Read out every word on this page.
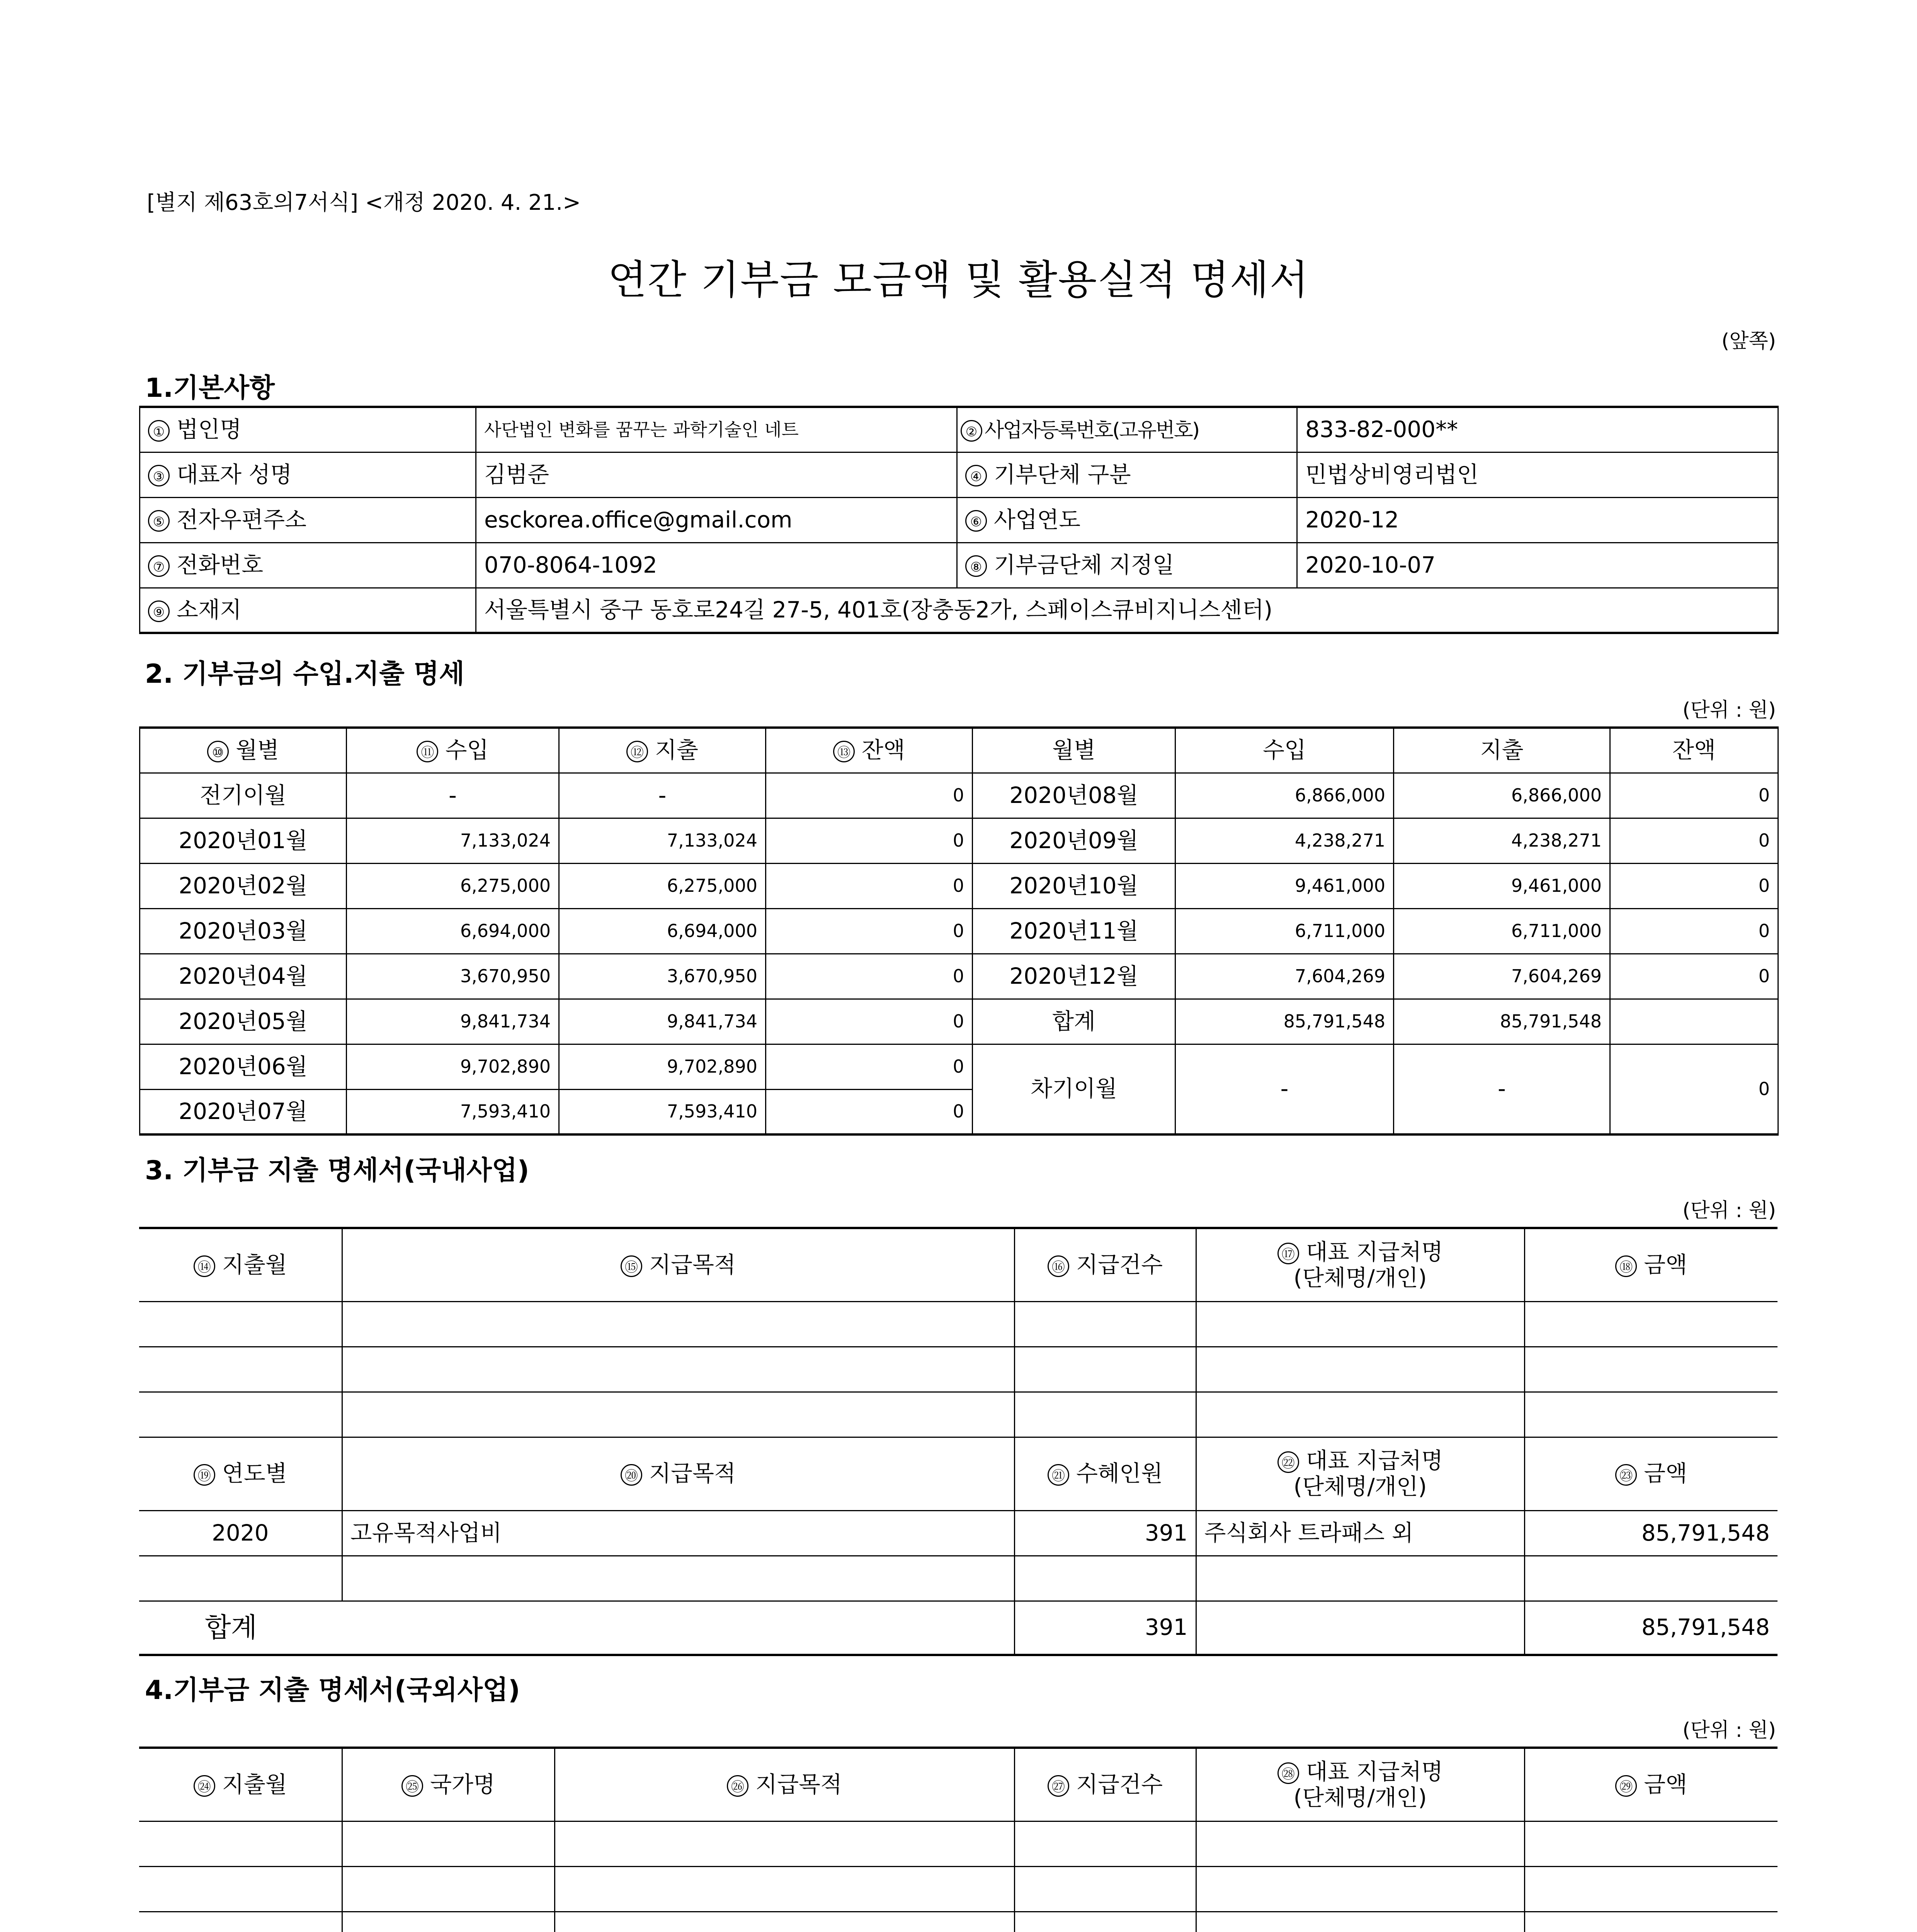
[별지 제63호의7서식] <개정 2020. 4. 21.>
연간 기부금 모금액 및 활용실적 명세서
(앞쪽)
1.기본사항
① 법인명	사단법인 변화를 꿈꾸는 과학기술인 네트	② 사업자등록번호(고유번호)	833-82-000**
③ 대표자 성명	김범준	④ 기부단체 구분	민법상비영리법인
⑤ 전자우편주소	esckorea.office@gmail.com	⑥ 사업연도	2020-12
⑦ 전화번호	070-8064-1092	⑧ 기부금단체 지정일	2020-10-07
⑨ 소재지	서울특별시 중구 동호로24길 27-5, 401호(장충동2가, 스페이스큐비지니스센터)		
2. 기부금의 수입.지출 명세
(단위 : 원)
⑩ 월별	⑪ 수입	⑫ 지출	⑬ 잔액	월별	수입	지출	잔액
전기이월	-	-	0	2020년08월	6,866,000	6,866,000	0
2020년01월	7,133,024	7,133,024	0	2020년09월	4,238,271	4,238,271	0
2020년02월	6,275,000	6,275,000	0	2020년10월	9,461,000	9,461,000	0
2020년03월	6,694,000	6,694,000	0	2020년11월	6,711,000	6,711,000	0
2020년04월	3,670,950	3,670,950	0	2020년12월	7,604,269	7,604,269	0
2020년05월	9,841,734	9,841,734	0	합계	85,791,548	85,791,548	
2020년06월	9,702,890	9,702,890	0	차기이월	-	-	0
2020년07월	7,593,410	7,593,410	0				
3. 기부금 지출 명세서(국내사업)
(단위 : 원)
⑭ 지출월	⑮ 지급목적	⑯ 지급건수	⑰ 대표 지급처명
(단체명/개인)	⑱ 금액

⑲ 연도별	⑳ 지급목적	㉑ 수혜인원	㉒ 대표 지급처명
(단체명/개인)	㉓ 금액
2020	고유목적사업비	391	주식회사 트라패스 외	85,791,548

합계		391		85,791,548
4.기부금 지출 명세서(국외사업)
(단위 : 원)
㉔ 지출월	㉕ 국가명	㉖ 지급목적	㉗ 지급건수	㉘ 대표 지급처명
(단체명/개인)	㉙ 금액
